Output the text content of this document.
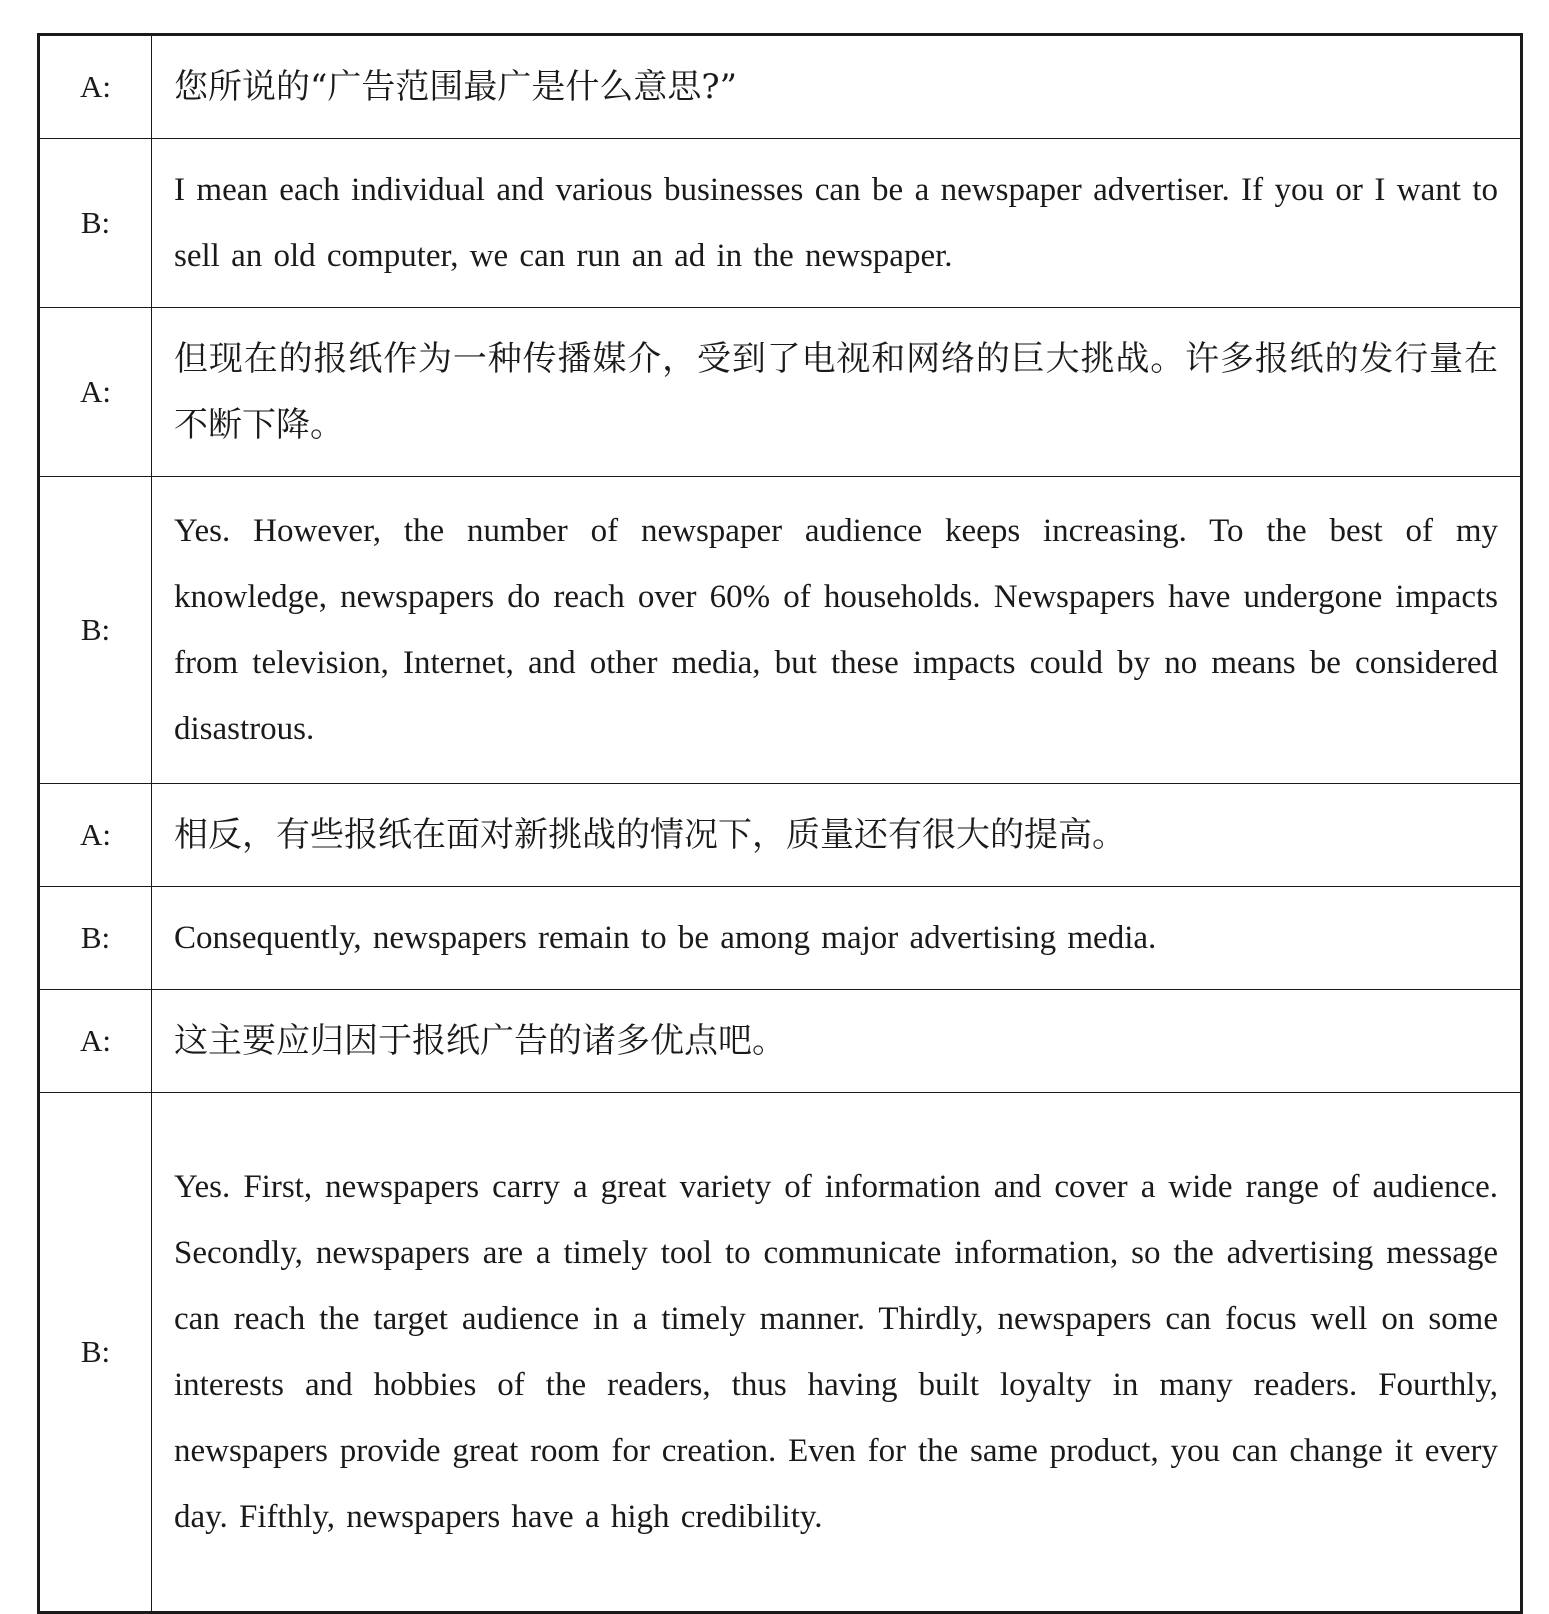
A:	您所说的“广告范围最广是什么意思?”
B:	I mean each individual and various businesses can be a newspaper advertiser. If you or I want to sell an old computer, we can run an ad in the newspaper.
A:	但现在的报纸作为一种传播媒介，受到了电视和网络的巨大挑战。许多报纸的发行量在不断下降。
B:	Yes. However, the number of newspaper audience keeps increasing. To the best of my knowledge, newspapers do reach over 60% of households. Newspapers have undergone impacts from television, Internet, and other media, but these impacts could by no means be considered disastrous.
A:	相反，有些报纸在面对新挑战的情况下，质量还有很大的提高。
B:	Consequently, newspapers remain to be among major advertising media.
A:	这主要应归因于报纸广告的诸多优点吧。
B:	Yes. First, newspapers carry a great variety of information and cover a wide range of audience. Secondly, newspapers are a timely tool to communicate information, so the advertising message can reach the target audience in a timely manner. Thirdly, newspapers can focus well on some interests and hobbies of the readers, thus having built loyalty in many readers. Fourthly, newspapers provide great room for creation. Even for the same product, you can change it every day. Fifthly, newspapers have a high credibility.
